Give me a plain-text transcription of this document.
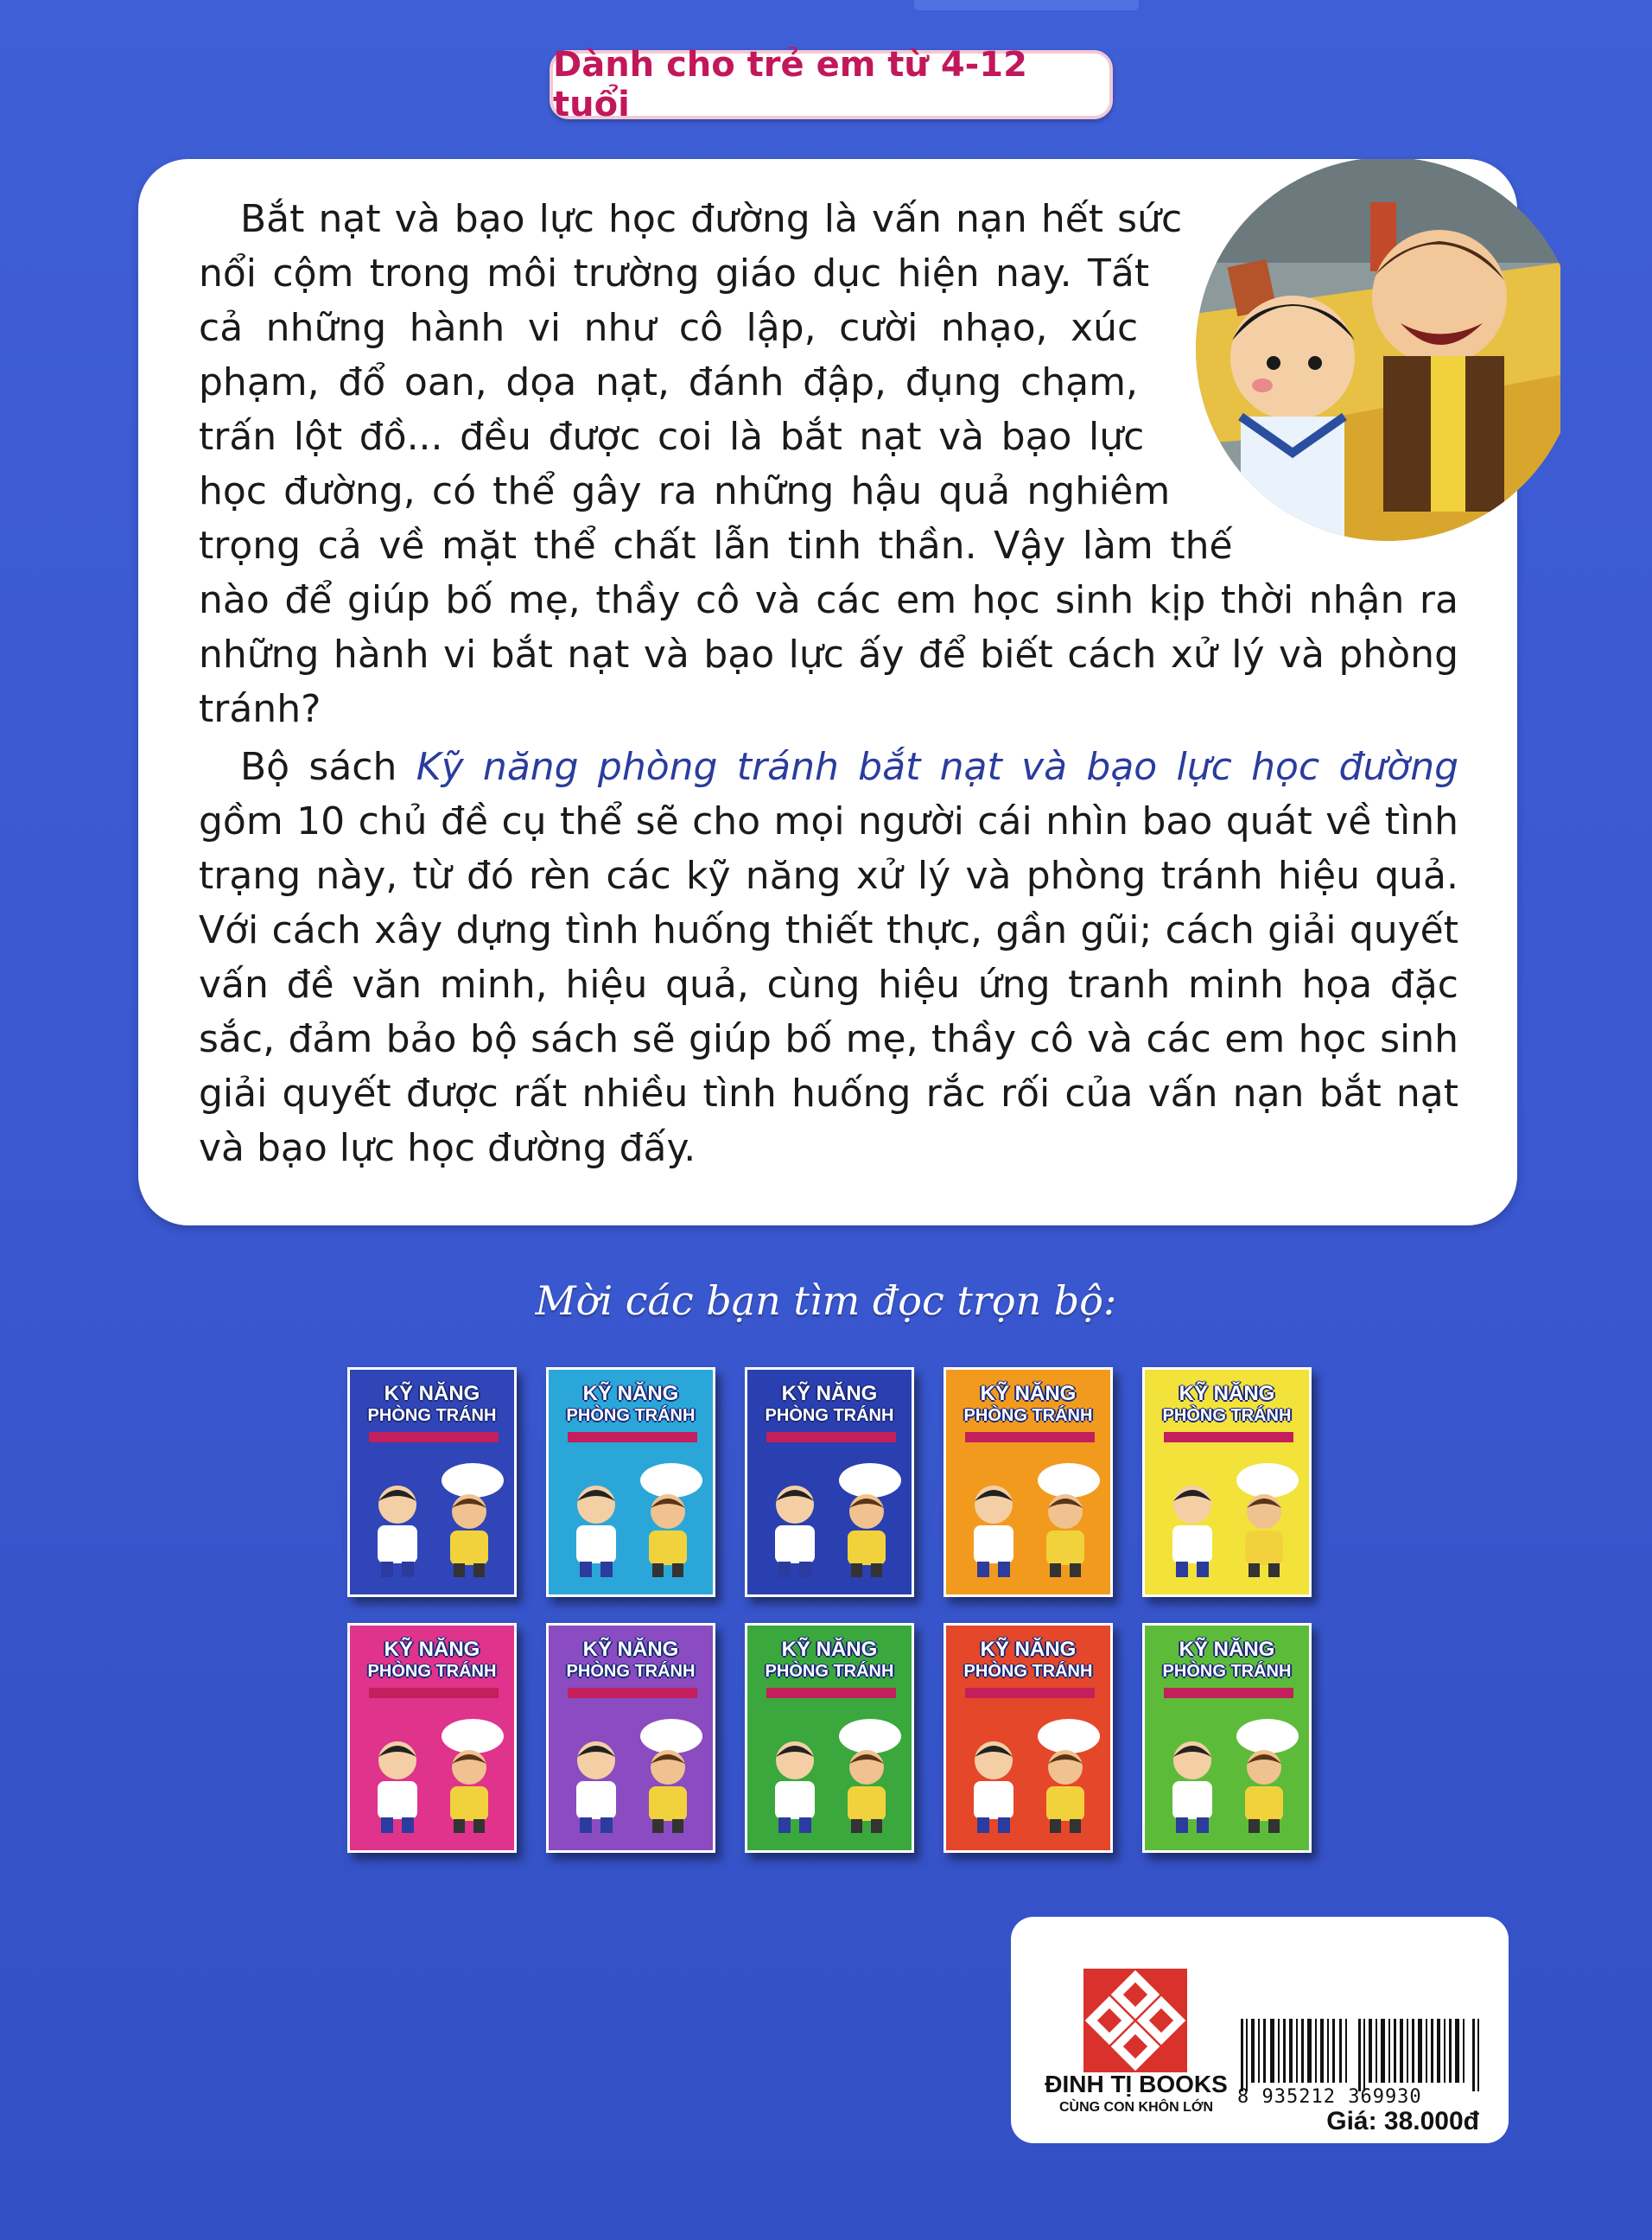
Dành cho trẻ em từ 4-12 tuổi
Bắt nạt và bạo lực học đường là vấn nạn hết sức nổi cộm trong môi trường giáo dục hiện nay. Tất cả những hành vi như cô lập, cười nhạo, xúc phạm, đổ oan, dọa nạt, đánh đập, đụng chạm, trấn lột đồ... đều được coi là bắt nạt và bạo lực học đường, có thể gây ra những hậu quả nghiêm trọng cả về mặt thể chất lẫn tinh thần. Vậy làm thế nào để giúp bố mẹ, thầy cô và các em học sinh kịp thời nhận ra những hành vi bắt nạt và bạo lực ấy để biết cách xử lý và phòng tránh?
Bộ sách Kỹ năng phòng tránh bắt nạt và bạo lực học đường gồm 10 chủ đề cụ thể sẽ cho mọi người cái nhìn bao quát về tình trạng này, từ đó rèn các kỹ năng xử lý và phòng tránh hiệu quả. Với cách xây dựng tình huống thiết thực, gần gũi; cách giải quyết vấn đề văn minh, hiệu quả, cùng hiệu ứng tranh minh họa đặc sắc, đảm bảo bộ sách sẽ giúp bố mẹ, thầy cô và các em học sinh giải quyết được rất nhiều tình huống rắc rối của vấn nạn bắt nạt và bạo lực học đường đấy.
Mời các bạn tìm đọc trọn bộ:
KỸ NĂNG
PHÒNG TRÁNH
KỸ NĂNG
PHÒNG TRÁNH
KỸ NĂNG
PHÒNG TRÁNH
KỸ NĂNG
PHÒNG TRÁNH
KỸ NĂNG
PHÒNG TRÁNH
KỸ NĂNG
PHÒNG TRÁNH
KỸ NĂNG
PHÒNG TRÁNH
KỸ NĂNG
PHÒNG TRÁNH
KỸ NĂNG
PHÒNG TRÁNH
KỸ NĂNG
PHÒNG TRÁNH
ĐINH TỊ BOOKS
CÙNG CON KHÔN LỚN	8 935212 369930
Giá: 38.000đ
